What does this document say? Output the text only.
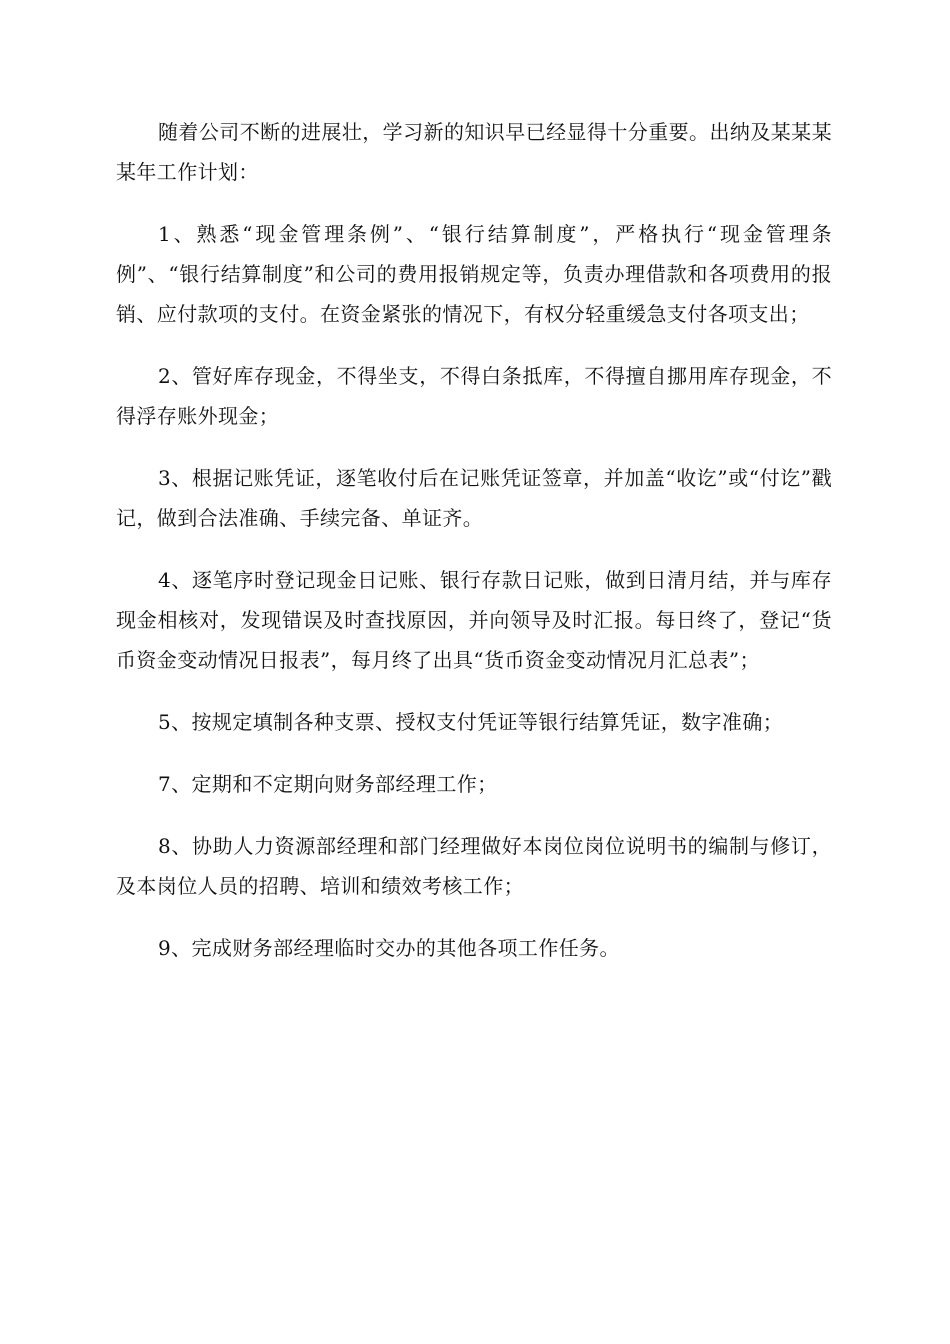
随着公司不断的进展壮，学习新的知识早已经显得十分重要。出纳及某某某某年工作计划：

1、熟悉“现金管理条例”、“银行结算制度”，严格执行“现金管理条例”、“银行结算制度”和公司的费用报销规定等，负责办理借款和各项费用的报销、应付款项的支付。在资金紧张的情况下，有权分轻重缓急支付各项支出；

2、管好库存现金，不得坐支，不得白条抵库，不得擅自挪用库存现金，不得浮存账外现金；

3、根据记账凭证，逐笔收付后在记账凭证签章，并加盖“收讫”或“付讫”戳记，做到合法准确、手续完备、单证齐。

4、逐笔序时登记现金日记账、银行存款日记账，做到日清月结，并与库存现金相核对，发现错误及时查找原因，并向领导及时汇报。每日终了，登记“货币资金变动情况日报表”，每月终了出具“货币资金变动情况月汇总表”；

5、按规定填制各种支票、授权支付凭证等银行结算凭证，数字准确；

7、定期和不定期向财务部经理工作；

8、协助人力资源部经理和部门经理做好本岗位岗位说明书的编制与修订，及本岗位人员的招聘、培训和绩效考核工作；

9、完成财务部经理临时交办的其他各项工作任务。
